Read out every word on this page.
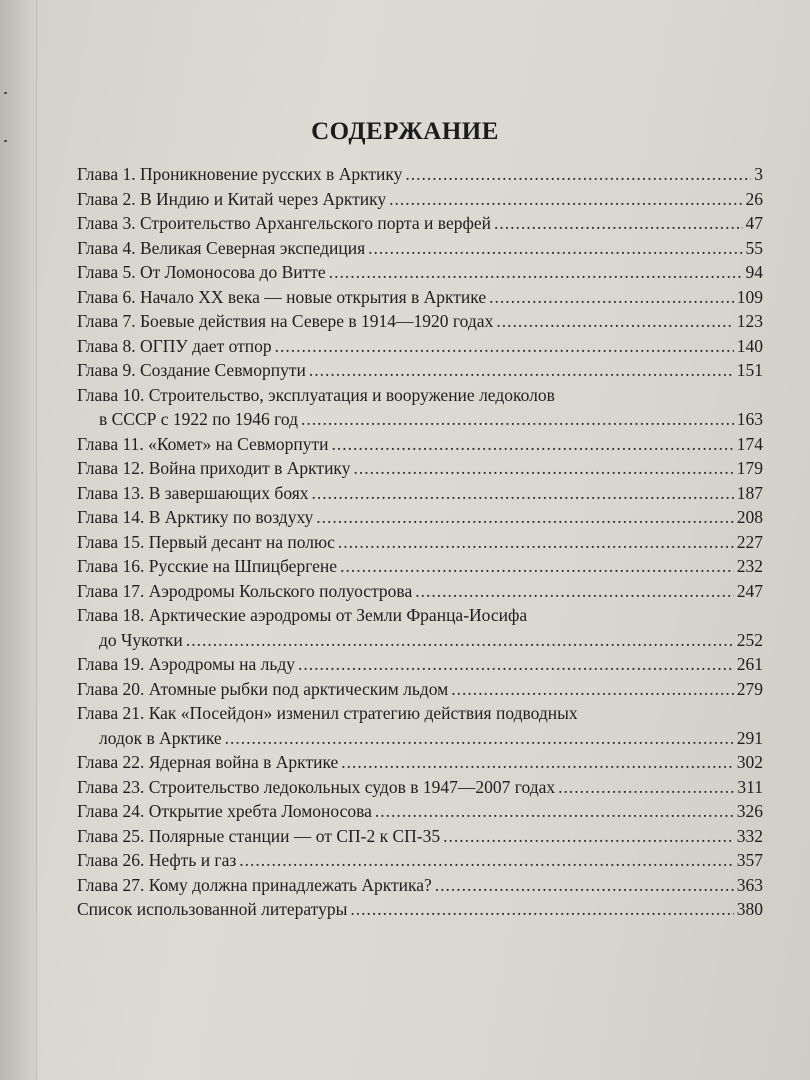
СОДЕРЖАНИЕ
Глава 1. Проникновение русских в Арктику .....	3
Глава 2. В Индию и Китай через Арктику .....	26
Глава 3. Строительство Архангельского порта и верфей .....	47
Глава 4. Великая Северная экспедиция .....	55
Глава 5. От Ломоносова до Витте .....	94
Глава 6. Начало XX века — новые открытия в Арктике .....	109
Глава 7. Боевые действия на Севере в 1914—1920 годах .....	123
Глава 8. ОГПУ дает отпор .....	140
Глава 9. Создание Севморпути .....	151
Глава 10. Строительство, эксплуатация и вооружение ледоколов
в СССР с 1922 по 1946 год .....	163
Глава 11. «Комет» на Севморпути .....	174
Глава 12. Война приходит в Арктику .....	179
Глава 13. В завершающих боях .....	187
Глава 14. В Арктику по воздуху .....	208
Глава 15. Первый десант на полюс .....	227
Глава 16. Русские на Шпицбергене .....	232
Глава 17. Аэродромы Кольского полуострова .....	247
Глава 18. Арктические аэродромы от Земли Франца-Иосифа
до Чукотки .....	252
Глава 19. Аэродромы на льду .....	261
Глава 20. Атомные рыбки под арктическим льдом .....	279
Глава 21. Как «Посейдон» изменил стратегию действия подводных
лодок в Арктике .....	291
Глава 22. Ядерная война в Арктике .....	302
Глава 23. Строительство ледокольных судов в 1947—2007 годах .....	311
Глава 24. Открытие хребта Ломоносова .....	326
Глава 25. Полярные станции — от СП-2 к СП-35 .....	332
Глава 26. Нефть и газ .....	357
Глава 27. Кому должна принадлежать Арктика? .....	363
Список использованной литературы .....	380
